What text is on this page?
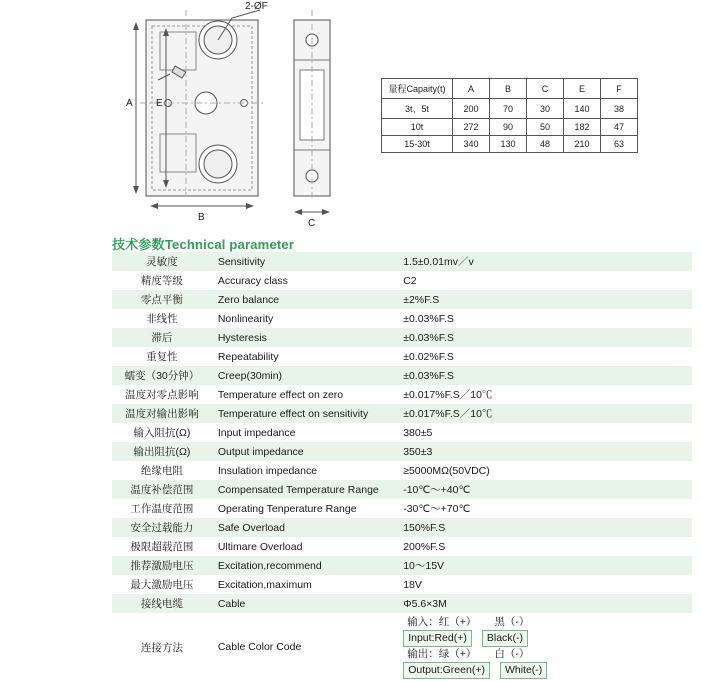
2-ØF
A E
B
C
量程Capaity(t)	A	B	C	E	F
3t、5t	200	70	30	140	38
10t	272	90	50	182	47
15-30t	340	130	48	210	63
技术参数Technical parameter
灵敏度	Sensitivity	1.5±0.01mv／v
精度等级	Accuracy class	C2
零点平衡	Zero balance	±2%F.S
非线性	Nonlinearity	±0.03%F.S
滞后	Hysteresis	±0.03%F.S
重复性	Repeatability	±0.02%F.S
蠕变（30分钟）	Creep(30min)	±0.03%F.S
温度对零点影响	Temperature effect on zero	±0.017%F.S／10℃
温度对输出影响	Temperature effect on sensitivity	±0.017%F.S／10℃
输入阻抗(Ω)	Input impedance	380±5
输出阻抗(Ω)	Output impedance	350±3
绝缘电阻	Insulation impedance	≥5000MΩ(50VDC)
温度补偿范围	Compensated Temperature Range	-10℃～+40℃
工作温度范围	Operating Tenperature Range	-30℃～+70℃
安全过载能力	Safe Overload	150%F.S
极限超载范围	Ultimare Overload	200%F.S
推荐激励电压	Excitation,recommend	10～15V
最大激励电压	Excitation,maximum	18V
接线电缆	Cable	Φ5.6×3M
连接方法	Cable Color Code	
输入：红（+）	黑（-）
Input:Red(+)	Black(-)
输出：绿（+）	白（-）
Output:Green(+)	White(-)
